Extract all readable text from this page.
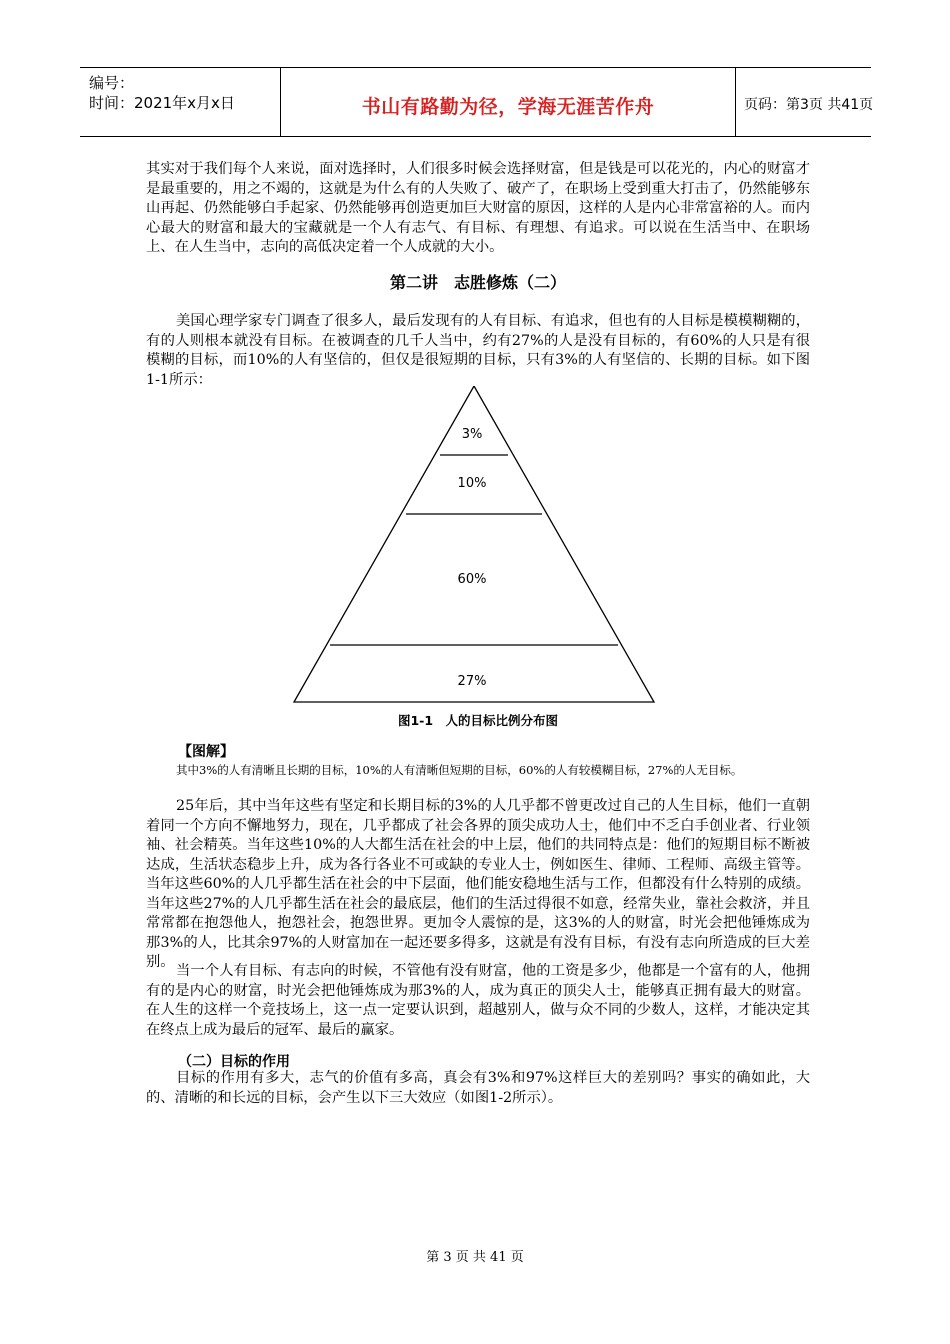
编号：
时间：2021年x月x日	书山有路勤为径，学海无涯苦作舟	页码：第3页 共41页
其实对于我们每个人来说，面对选择时，人们很多时候会选择财富，但是钱是可以花光的，内心的财富才是最重要的，用之不竭的，这就是为什么有的人失败了、破产了，在职场上受到重大打击了，仍然能够东山再起、仍然能够白手起家、仍然能够再创造更加巨大财富的原因，这样的人是内心非常富裕的人。而内心最大的财富和最大的宝藏就是一个人有志气、有目标、有理想、有追求。可以说在生活当中、在职场上、在人生当中，志向的高低决定着一个人成就的大小。
第二讲　志胜修炼（二）
美国心理学家专门调查了很多人，最后发现有的人有目标、有追求，但也有的人目标是模模糊糊的，有的人则根本就没有目标。在被调查的几千人当中，约有27%的人是没有目标的，有60%的人只是有很模糊的目标，而10%的人有坚信的，但仅是很短期的目标，只有3%的人有坚信的、长期的目标。如下图1-1所示：
3%
10%
60%
27%
图1-1　人的目标比例分布图
【图解】
其中3%的人有清晰且长期的目标，10%的人有清晰但短期的目标，60%的人有较模糊目标，27%的人无目标。
25年后，其中当年这些有坚定和长期目标的3%的人几乎都不曾更改过自己的人生目标，他们一直朝着同一个方向不懈地努力，现在，几乎都成了社会各界的顶尖成功人士，他们中不乏白手创业者、行业领袖、社会精英。当年这些10%的人大都生活在社会的中上层，他们的共同特点是：他们的短期目标不断被达成，生活状态稳步上升，成为各行各业不可或缺的专业人士，例如医生、律师、工程师、高级主管等。当年这些60%的人几乎都生活在社会的中下层面，他们能安稳地生活与工作，但都没有什么特别的成绩。当年这些27%的人几乎都生活在社会的最底层，他们的生活过得很不如意，经常失业，靠社会救济，并且常常都在抱怨他人，抱怨社会，抱怨世界。更加令人震惊的是，这3%的人的财富，时光会把他锤炼成为那3%的人，比其余97%的人财富加在一起还要多得多，这就是有没有目标，有没有志向所造成的巨大差别。
当一个人有目标、有志向的时候，不管他有没有财富，他的工资是多少，他都是一个富有的人，他拥有的是内心的财富，时光会把他锤炼成为那3%的人，成为真正的顶尖人士，能够真正拥有最大的财富。在人生的这样一个竞技场上，这一点一定要认识到，超越别人，做与众不同的少数人，这样，才能决定其在终点上成为最后的冠军、最后的赢家。
（二）目标的作用
目标的作用有多大，志气的价值有多高，真会有3%和97%这样巨大的差别吗？事实的确如此，大的、清晰的和长远的目标，会产生以下三大效应（如图1-2所示）。
第 3 页 共 41 页
